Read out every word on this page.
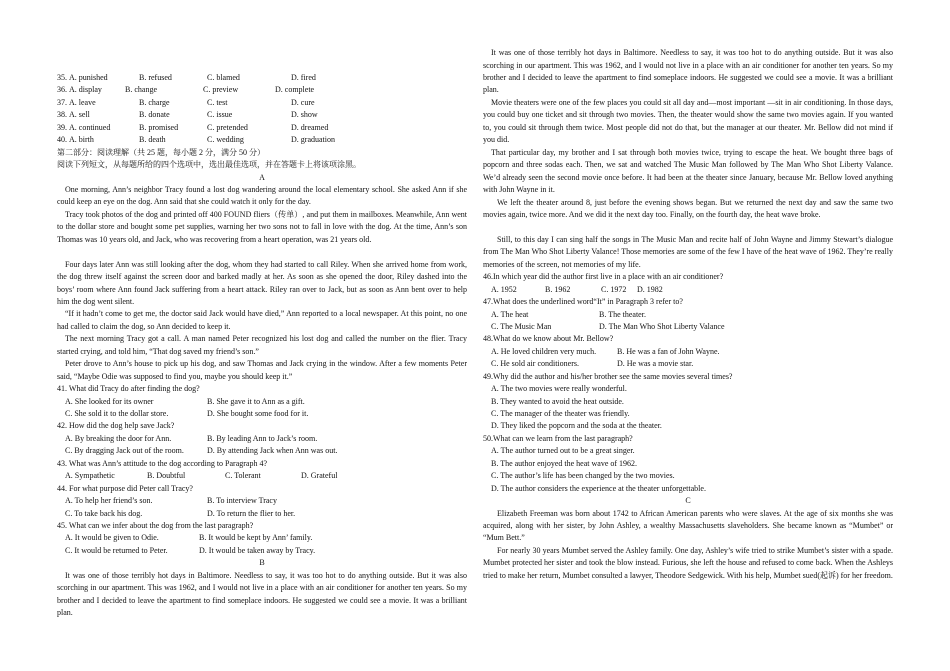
35. A. punished	B. refused	C. blamed	D. fired
36. A. display	B. change	C. preview	D. complete
37. A. leave	B. charge	C. test	D. cure
38. A. sell	B. donate	C. issue	D. show
39. A. continued	B. promised	C. pretended	D. dreamed
40. A. birth	B. death	C. wedding	D. graduation
第二部分：阅读理解（共 25 题，每小题 2 分，满分 50 分）
阅读下列短文，从每题所给的四个选项中，选出最佳选项，并在答题卡上将该项涂黑。
A
One morning, Ann’s neighbor Tracy found a lost dog wandering around the local elementary school. She asked Ann if she could keep an eye on the dog. Ann said that she could watch it only for the day.
Tracy took photos of the dog and printed off 400 FOUND fliers（传单）, and put them in mailboxes. Meanwhile, Ann went to the dollar store and bought some pet supplies, warning her two sons not to fall in love with the dog. At the time, Ann’s son Thomas was 10 years old, and Jack, who was recovering from a heart operation, was 21 years old.
Four days later Ann was still looking after the dog, whom they had started to call Riley. When she arrived home from work, the dog threw itself against the screen door and barked madly at her. As soon as she opened the door, Riley dashed into the boys’ room where Ann found Jack suffering from a heart attack. Riley ran over to Jack, but as soon as Ann bent over to help him the dog went silent.
“If it hadn’t come to get me, the doctor said Jack would have died,” Ann reported to a local newspaper. At this point, no one had called to claim the dog, so Ann decided to keep it.
The next morning Tracy got a call. A man named Peter recognized his lost dog and called the number on the flier. Tracy started crying, and told him, “That dog saved my friend’s son.”
Peter drove to Ann’s house to pick up his dog, and saw Thomas and Jack crying in the window. After a few moments Peter said, “Maybe Odie was supposed to find you, maybe you should keep it.”
41. What did Tracy do after finding the dog?
A. She looked for its owner	B. She gave it to Ann as a gift.
C. She sold it to the dollar store.	D. She bought some food for it.
42. How did the dog help save Jack?
A. By breaking the door for Ann.	B. By leading Ann to Jack’s room.
C. By dragging Jack out of the room.	D. By attending Jack when Ann was out.
43. What was Ann’s attitude to the dog according to Paragraph 4?
A. Sympathetic	B. Doubtful	C. Tolerant	D. Grateful
44. For what purpose did Peter call Tracy?
A. To help her friend’s son.	B. To interview Tracy
C. To take back his dog.	D. To return the flier to her.
45. What can we infer about the dog from the last paragraph?
A. It would be given to Odie.	B. It would be kept by Ann’ family.
C. It would be returned to Peter.	D. It would be taken away by Tracy.
B
It was one of those terribly hot days in Baltimore. Needless to say, it was too hot to do anything outside. But it was also scorching in our apartment. This was 1962, and I would not live in a place with an air conditioner for another ten years. So my brother and I decided to leave the apartment to find someplace indoors. He suggested we could see a movie. It was a brilliant plan.
It was one of those terribly hot days in Baltimore. Needless to say, it was too hot to do anything outside. But it was also scorching in our apartment. This was 1962, and I would not live in a place with an air conditioner for another ten years. So my brother and I decided to leave the apartment to find someplace indoors. He suggested we could see a movie. It was a brilliant plan.
Movie theaters were one of the few places you could sit all day and—most important —sit in air conditioning. In those days, you could buy one ticket and sit through two movies. Then, the theater would show the same two movies again. If you wanted to, you could sit through them twice. Most people did not do that, but the manager at our theater. Mr. Bellow did not mind if you did.
That particular day, my brother and I sat through both movies twice, trying to escape the heat. We bought three bags of popcorn and three sodas each. Then, we sat and watched The Music Man followed by The Man Who Shot Liberty Valance. We’d already seen the second movie once before. It had been at the theater since January, because Mr. Bellow loved anything with John Wayne in it.
We left the theater around 8, just before the evening shows began. But we returned the next day and saw the same two movies again, twice more. And we did it the next day too. Finally, on the fourth day, the heat wave broke.
Still, to this day I can sing half the songs in The Music Man and recite half of John Wayne and Jimmy Stewart’s dialogue from The Man Who Shot Liberty Valance! Those memories are some of the few I have of the heat wave of 1962. They’re really memories of the screen, not memories of my life.
46.In which year did the author first live in a place with an air conditioner?
A. 1952	B. 1962	C. 1972	D. 1982
47.What does the underlined word“It” in Paragraph 3 refer to?
A. The heat	B. The theater.
C. The Music Man	D. The Man Who Shot Liberty Valance
48.What do we know about Mr. Bellow?
A. He loved children very much.	B. He was a fan of John Wayne.
C. He sold air conditioners.	D. He was a movie star.
49.Why did the author and his/her brother see the same movies several times?
A. The two movies were really wonderful.
B. They wanted to avoid the heat outside.
C. The manager of the theater was friendly.
D. They liked the popcorn and the soda at the theater.
50.What can we learn from the last paragraph?
A. The author turned out to be a great singer.
B. The author enjoyed the heat wave of 1962.
C. The author’s life has been changed by the two movies.
D. The author considers the experience at the theater unforgettable.
C
Elizabeth Freeman was born about 1742 to African American parents who were slaves. At the age of six months she was acquired, along with her sister, by John Ashley, a wealthy Massachusetts slaveholders. She became known as “Mumbet” or “Mum Bett.”
For nearly 30 years Mumbet served the Ashley family. One day, Ashley’s wife tried to strike Mumbet’s sister with a spade. Mumbet protected her sister and took the blow instead. Furious, she left the house and refused to come back. When the Ashleys tried to make her return, Mumbet consulted a lawyer, Theodore Sedgewick. With his help, Mumbet sued(起诉) for her freedom.
